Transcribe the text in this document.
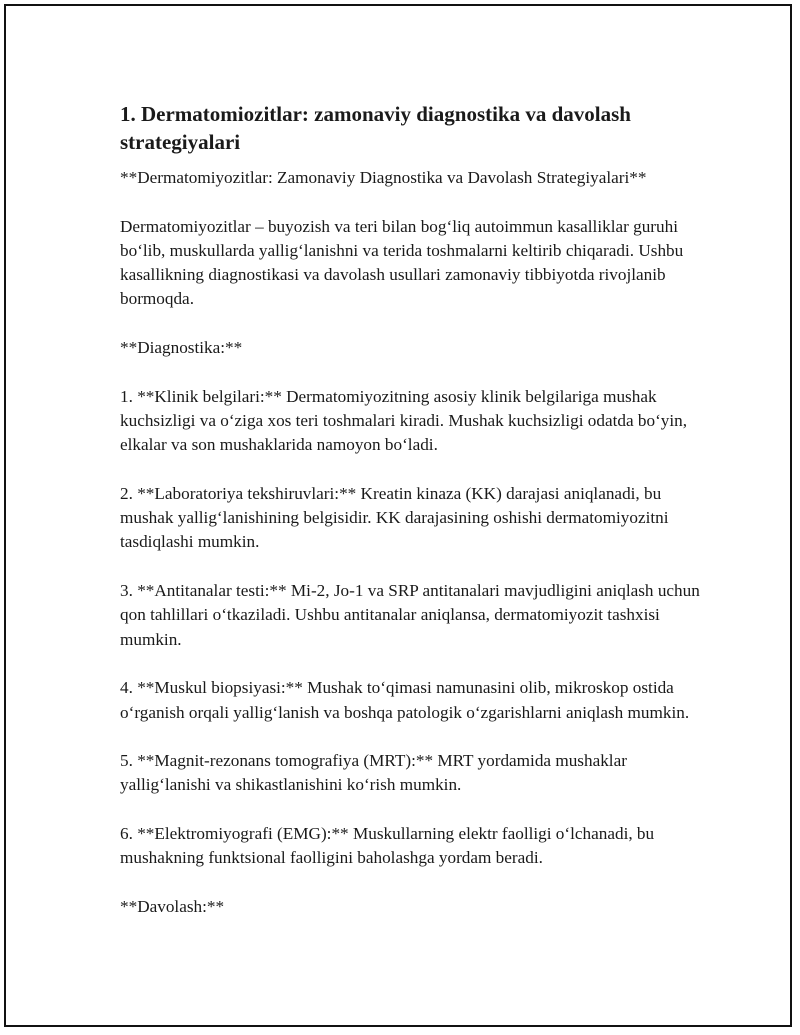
1. Dermatomiozitlar: zamonaviy diagnostika va davolash strategiyalari

**Dermatomiyozitlar: Zamonaviy Diagnostika va Davolash Strategiyalari**

Dermatomiyozitlar – buyozish va teri bilan bog‘liq autoimmun kasalliklar guruhi bo‘lib, muskullarda yallig‘lanishni va terida toshmalarni keltirib chiqaradi. Ushbu kasallikning diagnostikasi va davolash usullari zamonaviy tibbiyotda rivojlanib bormoqda.

**Diagnostika:**

1. **Klinik belgilari:** Dermatomiyozitning asosiy klinik belgilariga mushak kuchsizligi va o‘ziga xos teri toshmalari kiradi. Mushak kuchsizligi odatda bo‘yin, elkalar va son mushaklarida namoyon bo‘ladi.

2. **Laboratoriya tekshiruvlari:** Kreatin kinaza (KK) darajasi aniqlanadi, bu mushak yallig‘lanishining belgisidir. KK darajasining oshishi dermatomiyozitni tasdiqlashi mumkin.

3. **Antitanalar testi:** Mi-2, Jo-1 va SRP antitanalari mavjudligini aniqlash uchun qon tahlillari o‘tkaziladi. Ushbu antitanalar aniqlansa, dermatomiyozit tashxisi mumkin.

4. **Muskul biopsiyasi:** Mushak to‘qimasi namunasini olib, mikroskop ostida o‘rganish orqali yallig‘lanish va boshqa patologik o‘zgarishlarni aniqlash mumkin.

5. **Magnit-rezonans tomografiya (MRT):** MRT yordamida mushaklar yallig‘lanishi va shikastlanishini ko‘rish mumkin.

6. **Elektromiyografi (EMG):** Muskullarning elektr faolligi o‘lchanadi, bu mushakning funktsional faolligini baholashga yordam beradi.

**Davolash:**
